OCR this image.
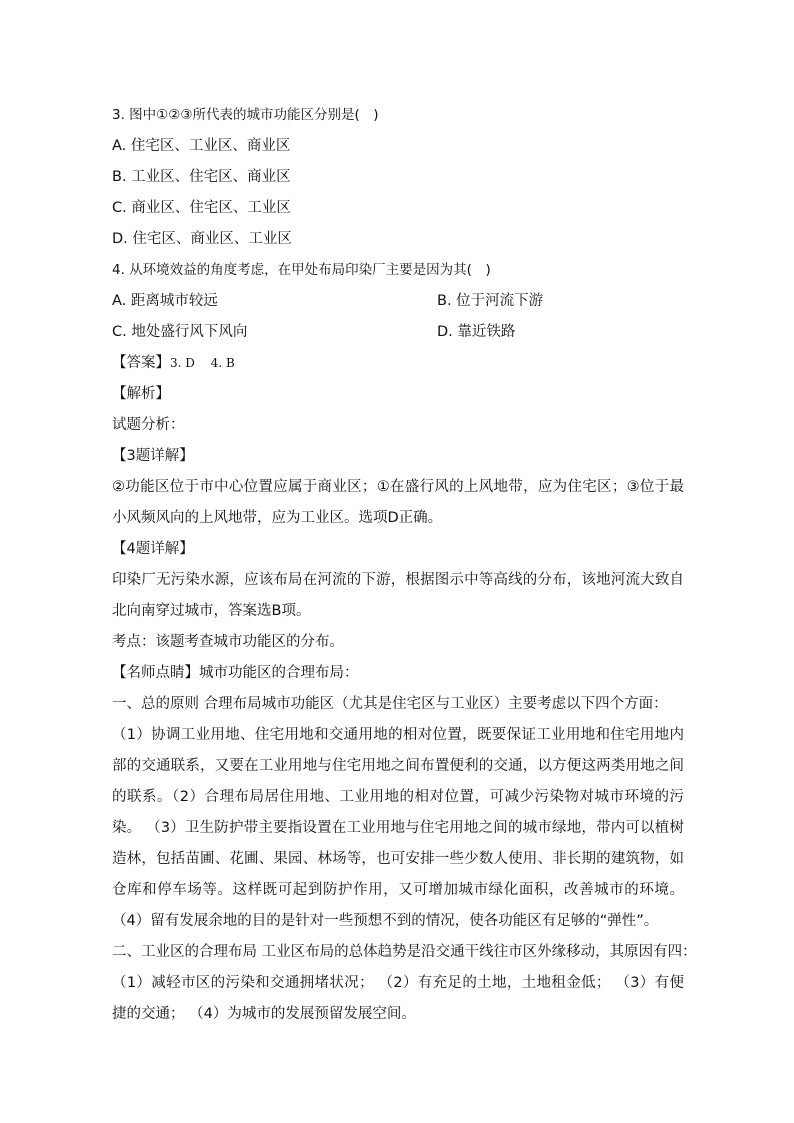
3. 图中①②③所代表的城市功能区分别是(　)
A. 住宅区、工业区、商业区
B. 工业区、住宅区、商业区
C. 商业区、住宅区、工业区
D. 住宅区、商业区、工业区
4. 从环境效益的角度考虑，在甲处布局印染厂主要是因为其(　)
A. 距离城市较远	B. 位于河流下游
C. 地处盛行风下风向	D. 靠近铁路
【答案】3. D　 4. B
【解析】
试题分析：
【3题详解】
②功能区位于市中心位置应属于商业区；①在盛行风的上风地带，应为住宅区；③位于最小风频风向的上风地带，应为工业区。选项D正确。
【4题详解】
印染厂无污染水源，应该布局在河流的下游，根据图示中等高线的分布，该地河流大致自北向南穿过城市，答案选B项。
考点：该题考查城市功能区的分布。
【名师点睛】城市功能区的合理布局：
一、总的原则 合理布局城市功能区（尤其是住宅区与工业区）主要考虑以下四个方面：
（1）协调工业用地、住宅用地和交通用地的相对位置，既要保证工业用地和住宅用地内部的交通联系，又要在工业用地与住宅用地之间布置便利的交通，以方便这两类用地之间的联系。（2）合理布局居住用地、工业用地的相对位置，可减少污染物对城市环境的污染。 （3）卫生防护带主要指设置在工业用地与住宅用地之间的城市绿地，带内可以植树造林，包括苗圃、花圃、果园、林场等，也可安排一些少数人使用、非长期的建筑物，如仓库和停车场等。这样既可起到防护作用，又可增加城市绿化面积，改善城市的环境。（4）留有发展余地的目的是针对一些预想不到的情况，使各功能区有足够的“弹性”。
二、工业区的合理布局 工业区布局的总体趋势是沿交通干线往市区外缘移动，其原因有四：
（1）减轻市区的污染和交通拥堵状况； （2）有充足的土地，土地租金低； （3）有便捷的交通； （4）为城市的发展预留发展空间。
